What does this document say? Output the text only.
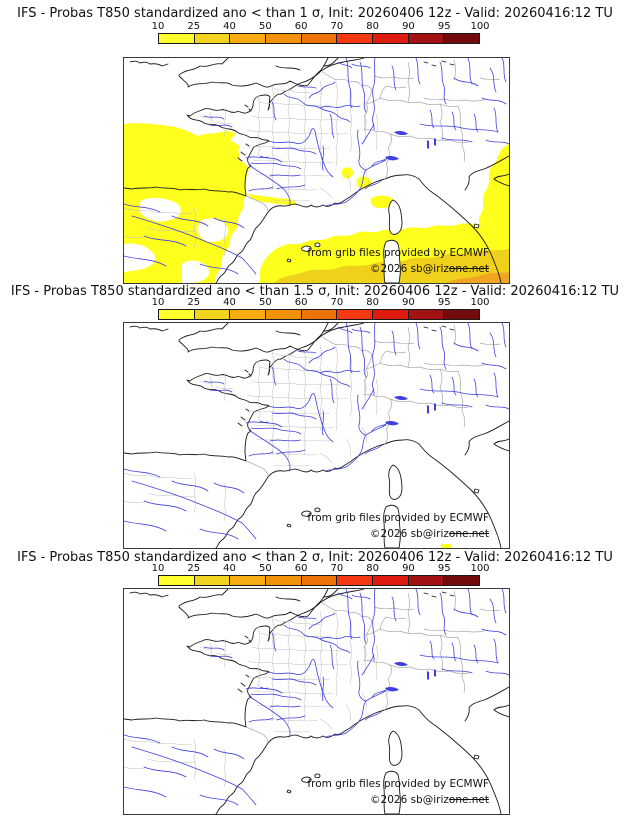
IFS - Probas T850 standardized ano < than 1 σ, Init: 20260406 12z - Valid: 20260416:12 TU
10 25 40 50 60 70 80 90 95 100
from grib files provided by ECMWF
©2026 sb@irizone.net
IFS - Probas T850 standardized ano < than 1.5 σ, Init: 20260406 12z - Valid: 20260416:12 TU
10 25 40 50 60 70 80 90 95 100
from grib files provided by ECMWF
©2026 sb@irizone.net
IFS - Probas T850 standardized ano < than 2 σ, Init: 20260406 12z - Valid: 20260416:12 TU
10 25 40 50 60 70 80 90 95 100
from grib files provided by ECMWF
©2026 sb@irizone.net
